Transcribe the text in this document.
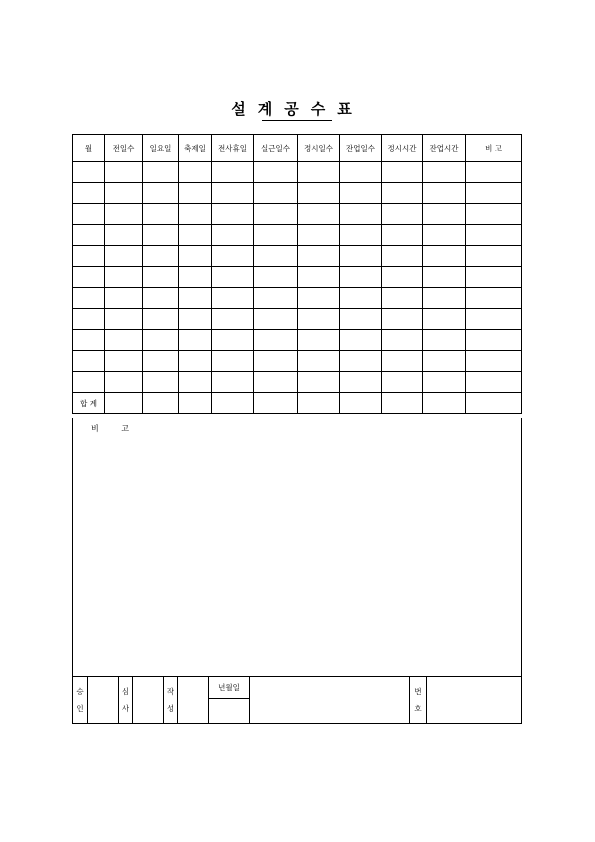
설계공수표
월	전일수	일요일	축제일	전사휴일	실근일수	정시일수	잔업일수	정시시간	잔업시간	비 고

합 계										
비 고
승인		심사		작성		년월일		번호	
